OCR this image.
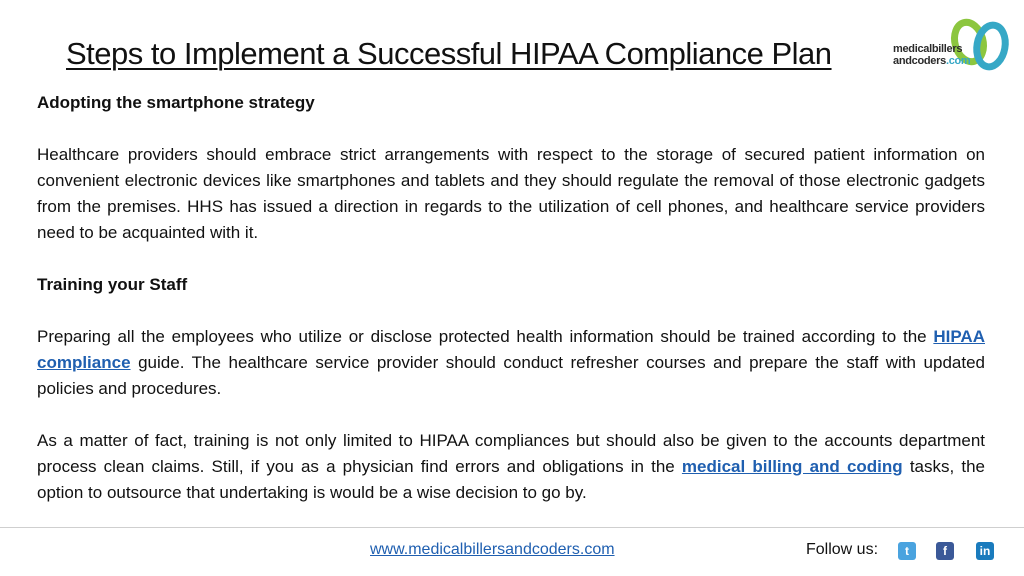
Steps to Implement a Successful HIPAA Compliance Plan	medicalbillers
andcoders.com

Adopting the smartphone strategy

Healthcare providers should embrace strict arrangements with respect to the storage of secured patient information on convenient electronic devices like smartphones and tablets and they should regulate the removal of those electronic gadgets from the premises. HHS has issued a direction in regards to the utilization of cell phones, and healthcare service providers need to be acquainted with it.

Training your Staff

Preparing all the employees who utilize or disclose protected health information should be trained according to the HIPAA compliance guide. The healthcare service provider should conduct refresher courses and prepare the staff with updated policies and procedures.

As a matter of fact, training is not only limited to HIPAA compliances but should also be given to the accounts department process clean claims. Still, if you as a physician find errors and obligations in the medical billing and coding tasks, the option to outsource that undertaking is would be a wise decision to go by.

www.medicalbillersandcoders.com	Follow us:	t	f	in
